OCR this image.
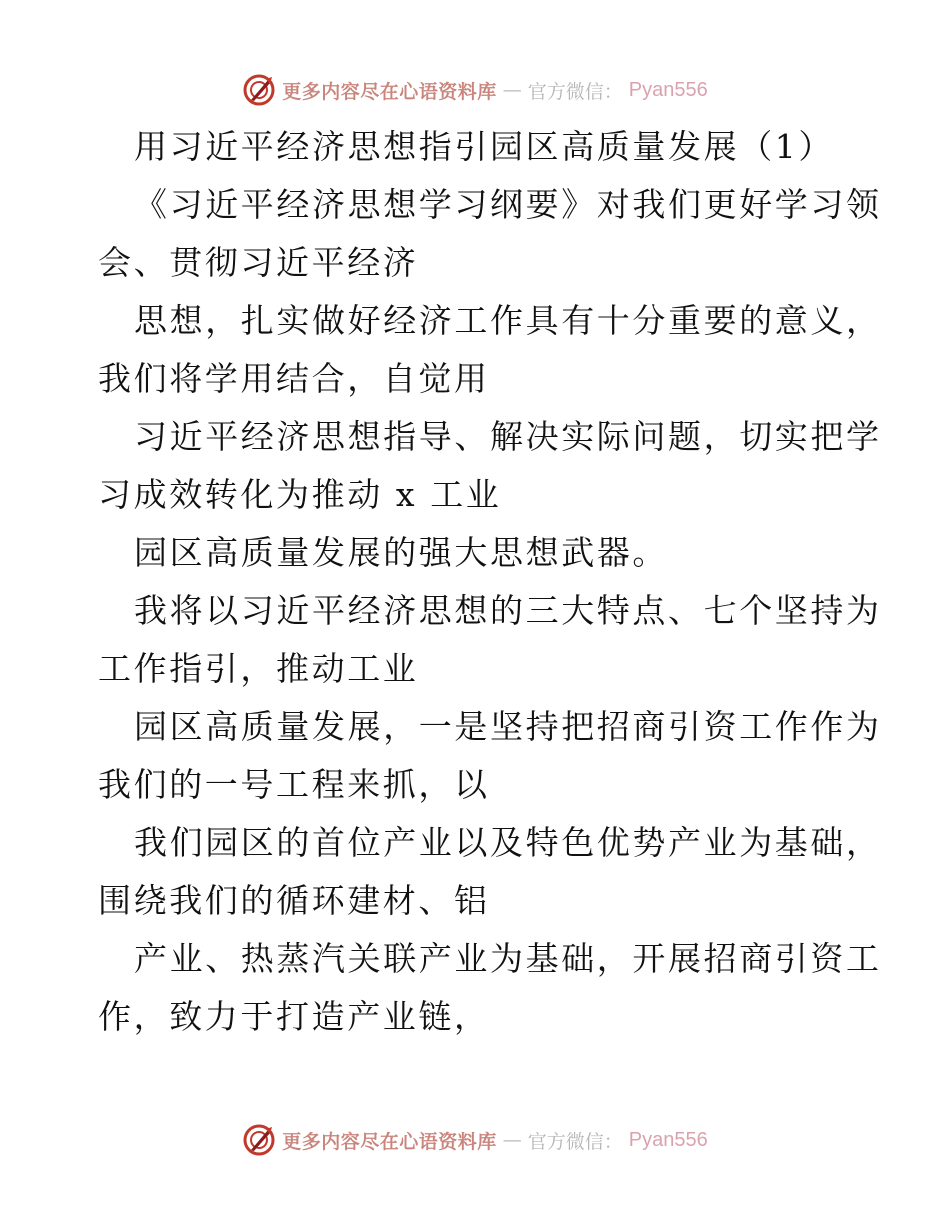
更多内容尽在心语资料库 — 官方微信： Pyan556
用习近平经济思想指引园区高质量发展（1）
《习近平经济思想学习纲要》对我们更好学习领
会、贯彻习近平经济
思想，扎实做好经济工作具有十分重要的意义，
我们将学用结合，自觉用
习近平经济思想指导、解决实际问题，切实把学
习成效转化为推动 x 工业
园区高质量发展的强大思想武器。
我将以习近平经济思想的三大特点、七个坚持为
工作指引，推动工业
园区高质量发展，一是坚持把招商引资工作作为
我们的一号工程来抓，以
我们园区的首位产业以及特色优势产业为基础，
围绕我们的循环建材、铝
产业、热蒸汽关联产业为基础，开展招商引资工
作，致力于打造产业链，
更多内容尽在心语资料库 — 官方微信： Pyan556
